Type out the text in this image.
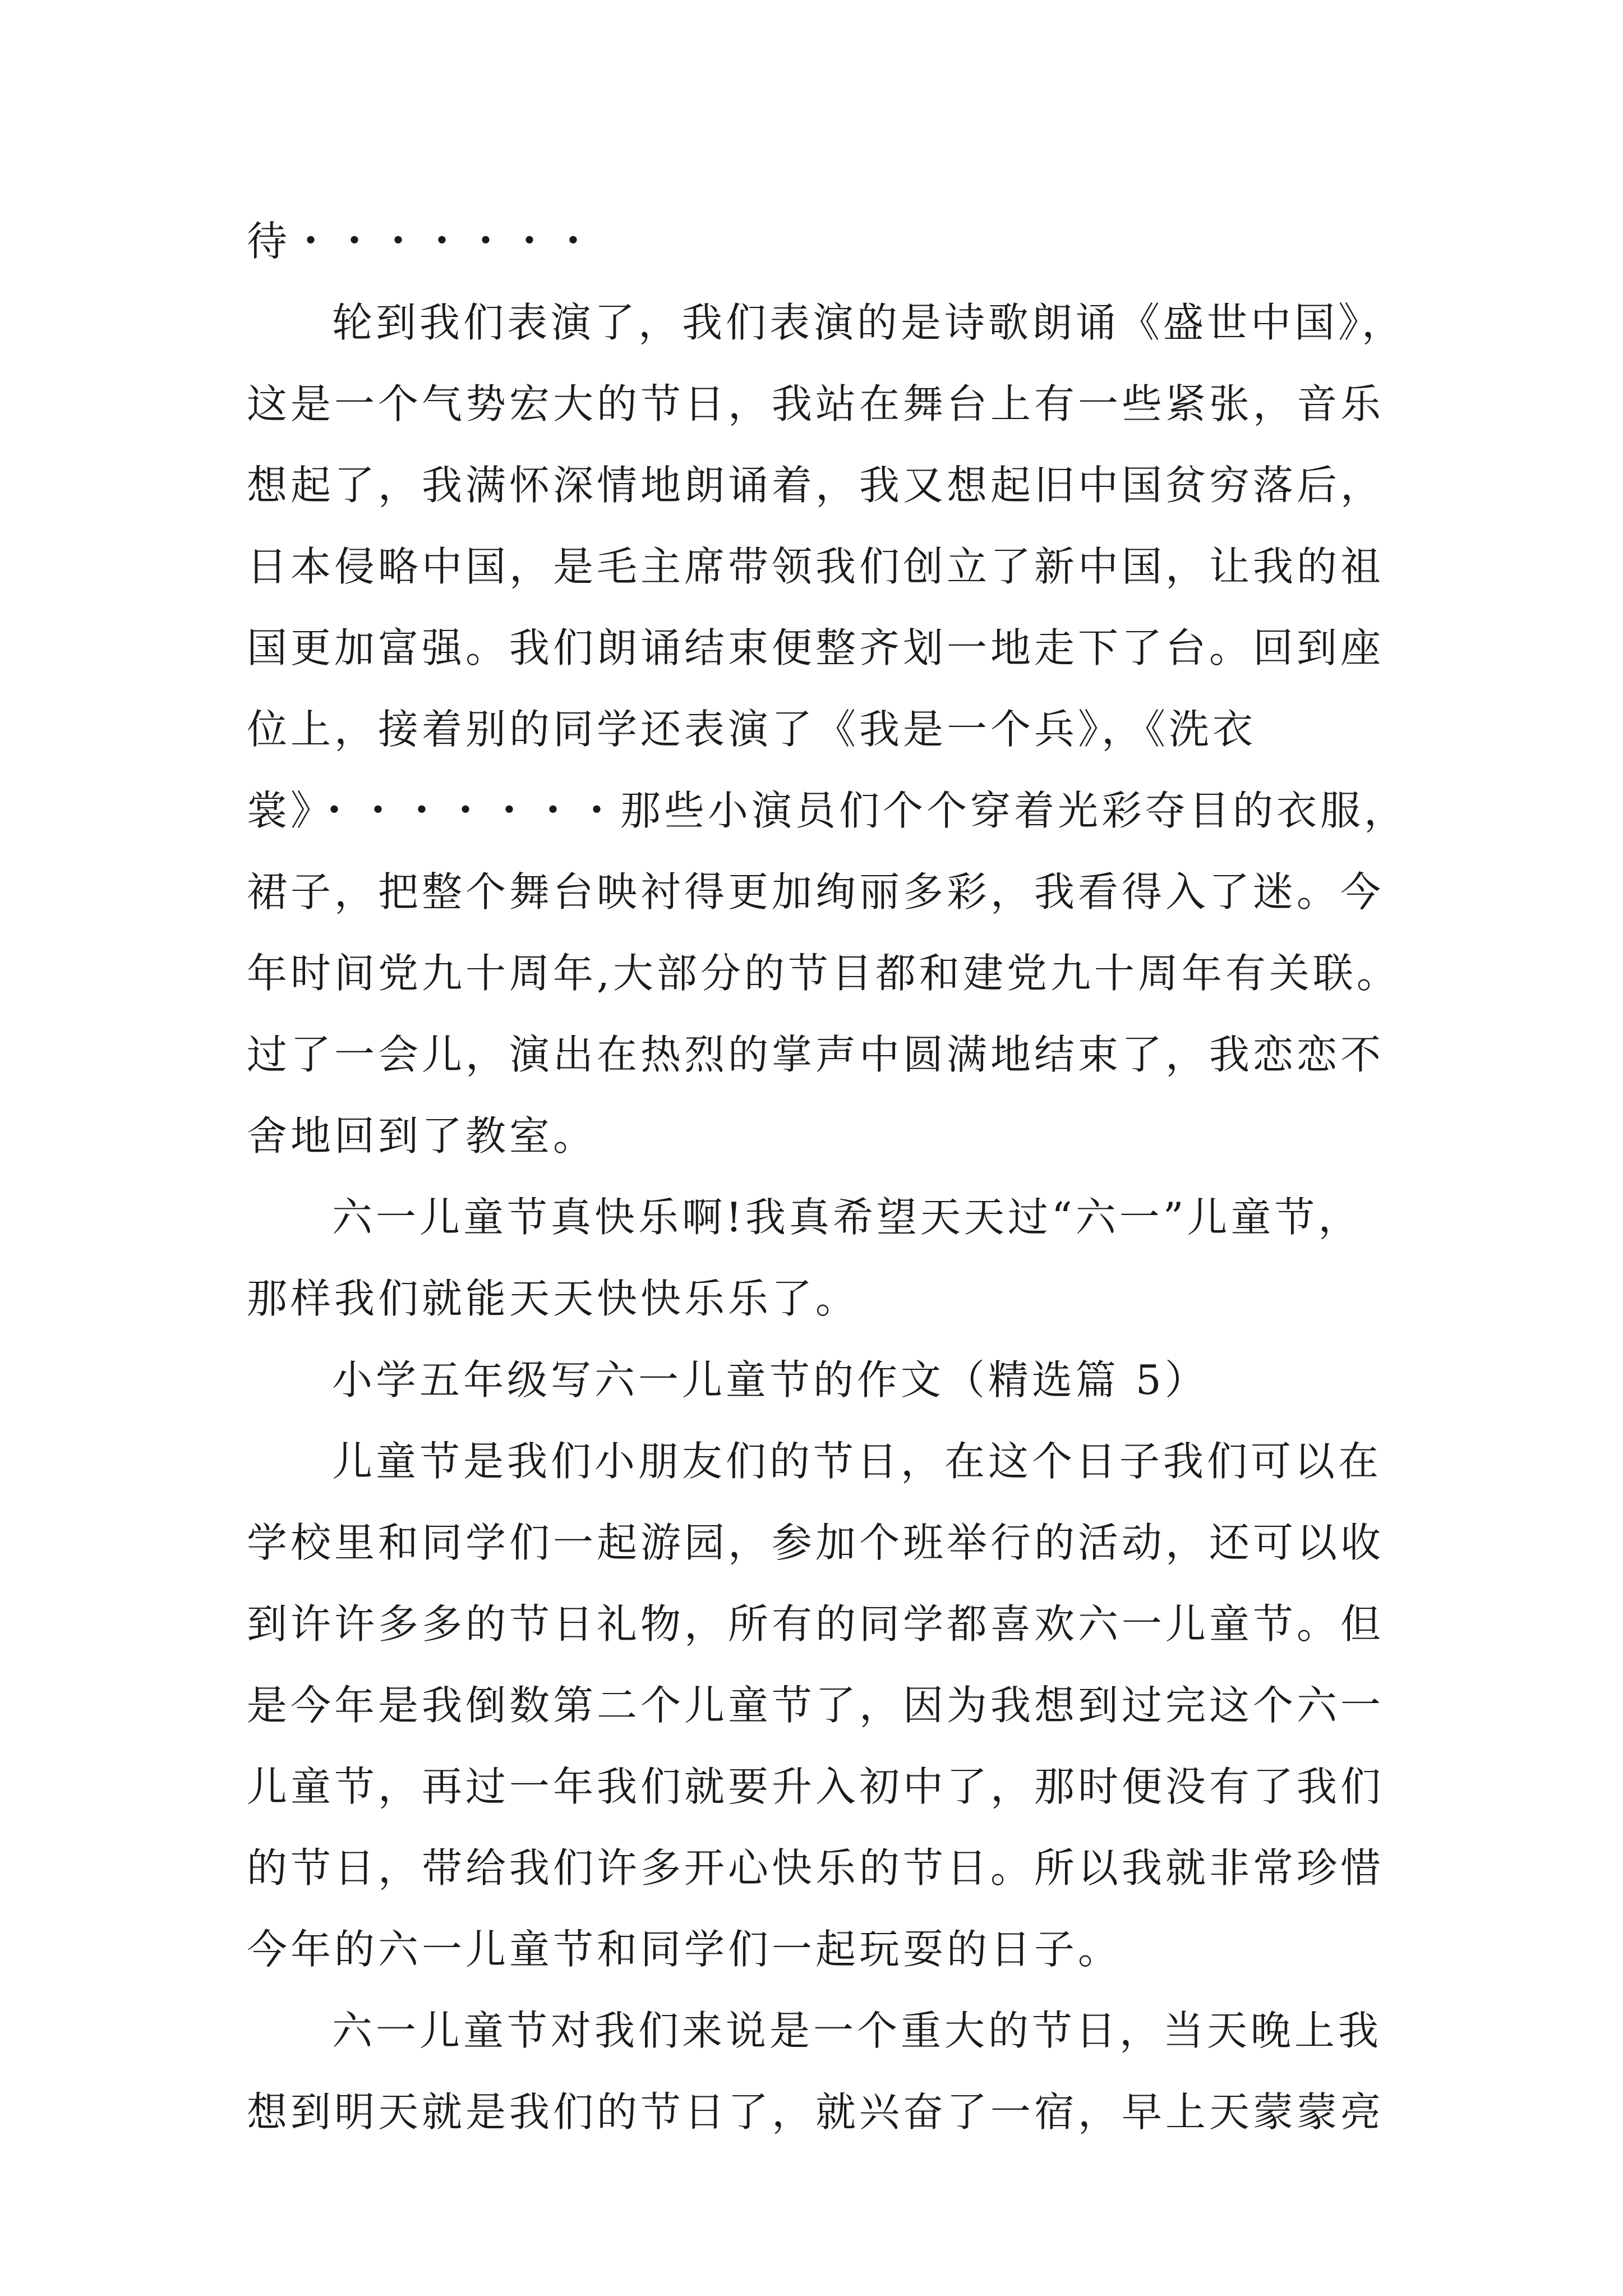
待・・・・・・・
轮到我们表演了，我们表演的是诗歌朗诵《盛世中国》，
这是一个气势宏大的节日，我站在舞台上有一些紧张，音乐
想起了，我满怀深情地朗诵着，我又想起旧中国贫穷落后，
日本侵略中国，是毛主席带领我们创立了新中国，让我的祖
国更加富强。我们朗诵结束便整齐划一地走下了台。回到座
位上，接着别的同学还表演了《我是一个兵》，《洗衣
裳》・・・・・・・那些小演员们个个穿着光彩夺目的衣服，
裙子，把整个舞台映衬得更加绚丽多彩，我看得入了迷。今
年时间党九十周年,大部分的节目都和建党九十周年有关联。
过了一会儿，演出在热烈的掌声中圆满地结束了，我恋恋不
舍地回到了教室。
六一儿童节真快乐啊!我真希望天天过“六一”儿童节，
那样我们就能天天快快乐乐了。
小学五年级写六一儿童节的作文（精选篇 5）
儿童节是我们小朋友们的节日，在这个日子我们可以在
学校里和同学们一起游园，参加个班举行的活动，还可以收
到许许多多的节日礼物，所有的同学都喜欢六一儿童节。但
是今年是我倒数第二个儿童节了，因为我想到过完这个六一
儿童节，再过一年我们就要升入初中了，那时便没有了我们
的节日，带给我们许多开心快乐的节日。所以我就非常珍惜
今年的六一儿童节和同学们一起玩耍的日子。
六一儿童节对我们来说是一个重大的节日，当天晚上我
想到明天就是我们的节日了，就兴奋了一宿，早上天蒙蒙亮
